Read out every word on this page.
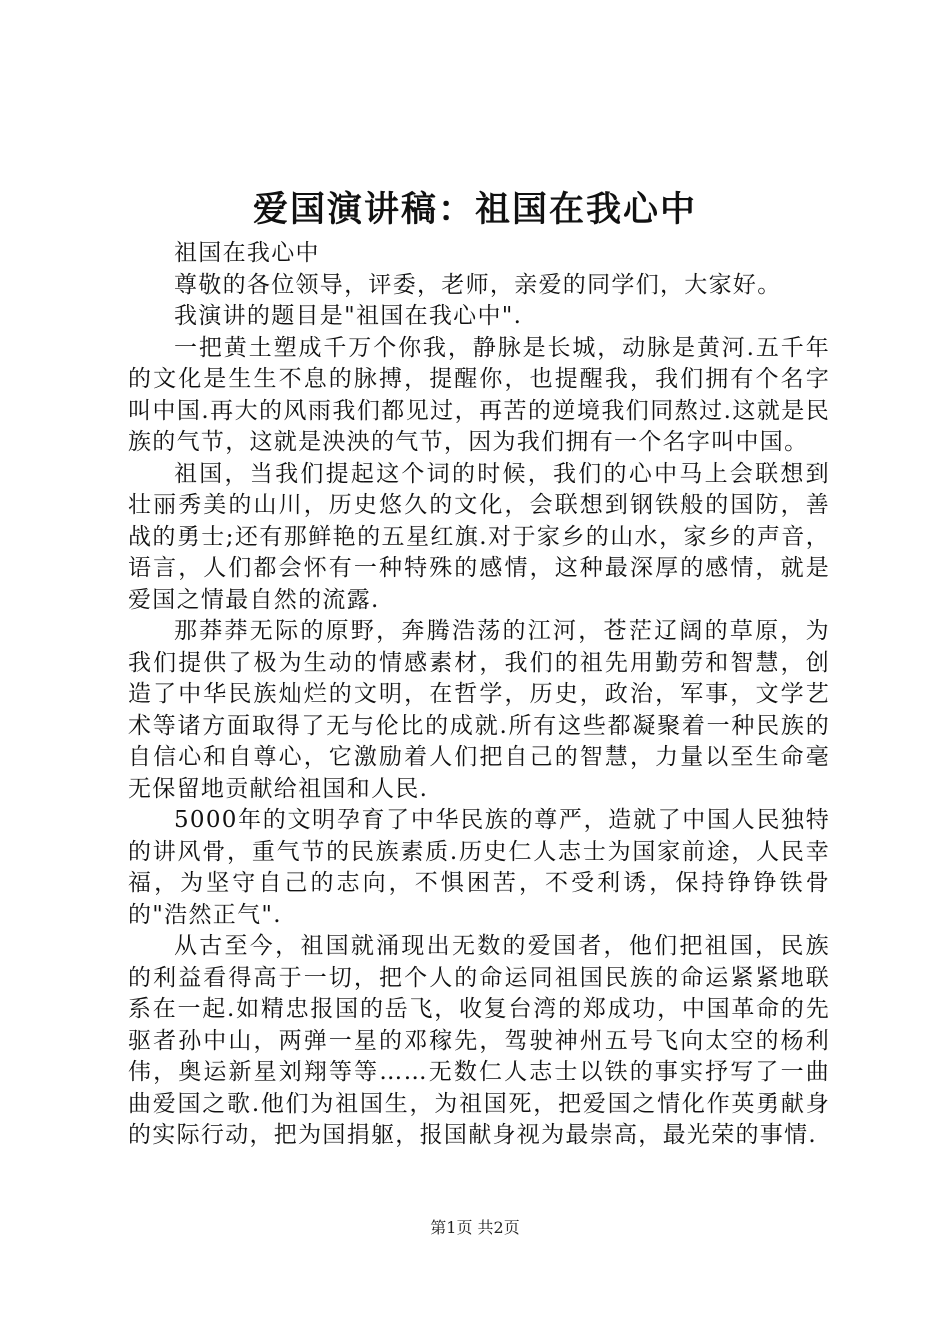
爱国演讲稿：祖国在我心中

祖国在我心中

尊敬的各位领导，评委，老师，亲爱的同学们，大家好。

我演讲的题目是"祖国在我心中".

一把黄土塑成千万个你我，静脉是长城，动脉是黄河.五千年的文化是生生不息的脉搏，提醒你，也提醒我，我们拥有个名字叫中国.再大的风雨我们都见过，再苦的逆境我们同熬过.这就是民族的气节，这就是泱泱的气节，因为我们拥有一个名字叫中国。

祖国，当我们提起这个词的时候，我们的心中马上会联想到壮丽秀美的山川，历史悠久的文化，会联想到钢铁般的国防，善战的勇士;还有那鲜艳的五星红旗.对于家乡的山水，家乡的声音，语言，人们都会怀有一种特殊的感情，这种最深厚的感情，就是爱国之情最自然的流露.

那莽莽无际的原野，奔腾浩荡的江河，苍茫辽阔的草原，为我们提供了极为生动的情感素材，我们的祖先用勤劳和智慧，创造了中华民族灿烂的文明，在哲学，历史，政治，军事，文学艺术等诸方面取得了无与伦比的成就.所有这些都凝聚着一种民族的自信心和自尊心，它激励着人们把自己的智慧，力量以至生命毫无保留地贡献给祖国和人民.

5000年的文明孕育了中华民族的尊严，造就了中国人民独特的讲风骨，重气节的民族素质.历史仁人志士为国家前途，人民幸福，为坚守自己的志向，不惧困苦，不受利诱，保持铮铮铁骨的"浩然正气".

从古至今，祖国就涌现出无数的爱国者，他们把祖国，民族的利益看得高于一切，把个人的命运同祖国民族的命运紧紧地联系在一起.如精忠报国的岳飞，收复台湾的郑成功，中国革命的先驱者孙中山，两弹一星的邓稼先，驾驶神州五号飞向太空的杨利伟，奥运新星刘翔等等……无数仁人志士以铁的事实抒写了一曲曲爱国之歌.他们为祖国生，为祖国死，把爱国之情化作英勇献身的实际行动，把为国捐躯，报国献身视为最崇高，最光荣的事情.

第1页 共2页
